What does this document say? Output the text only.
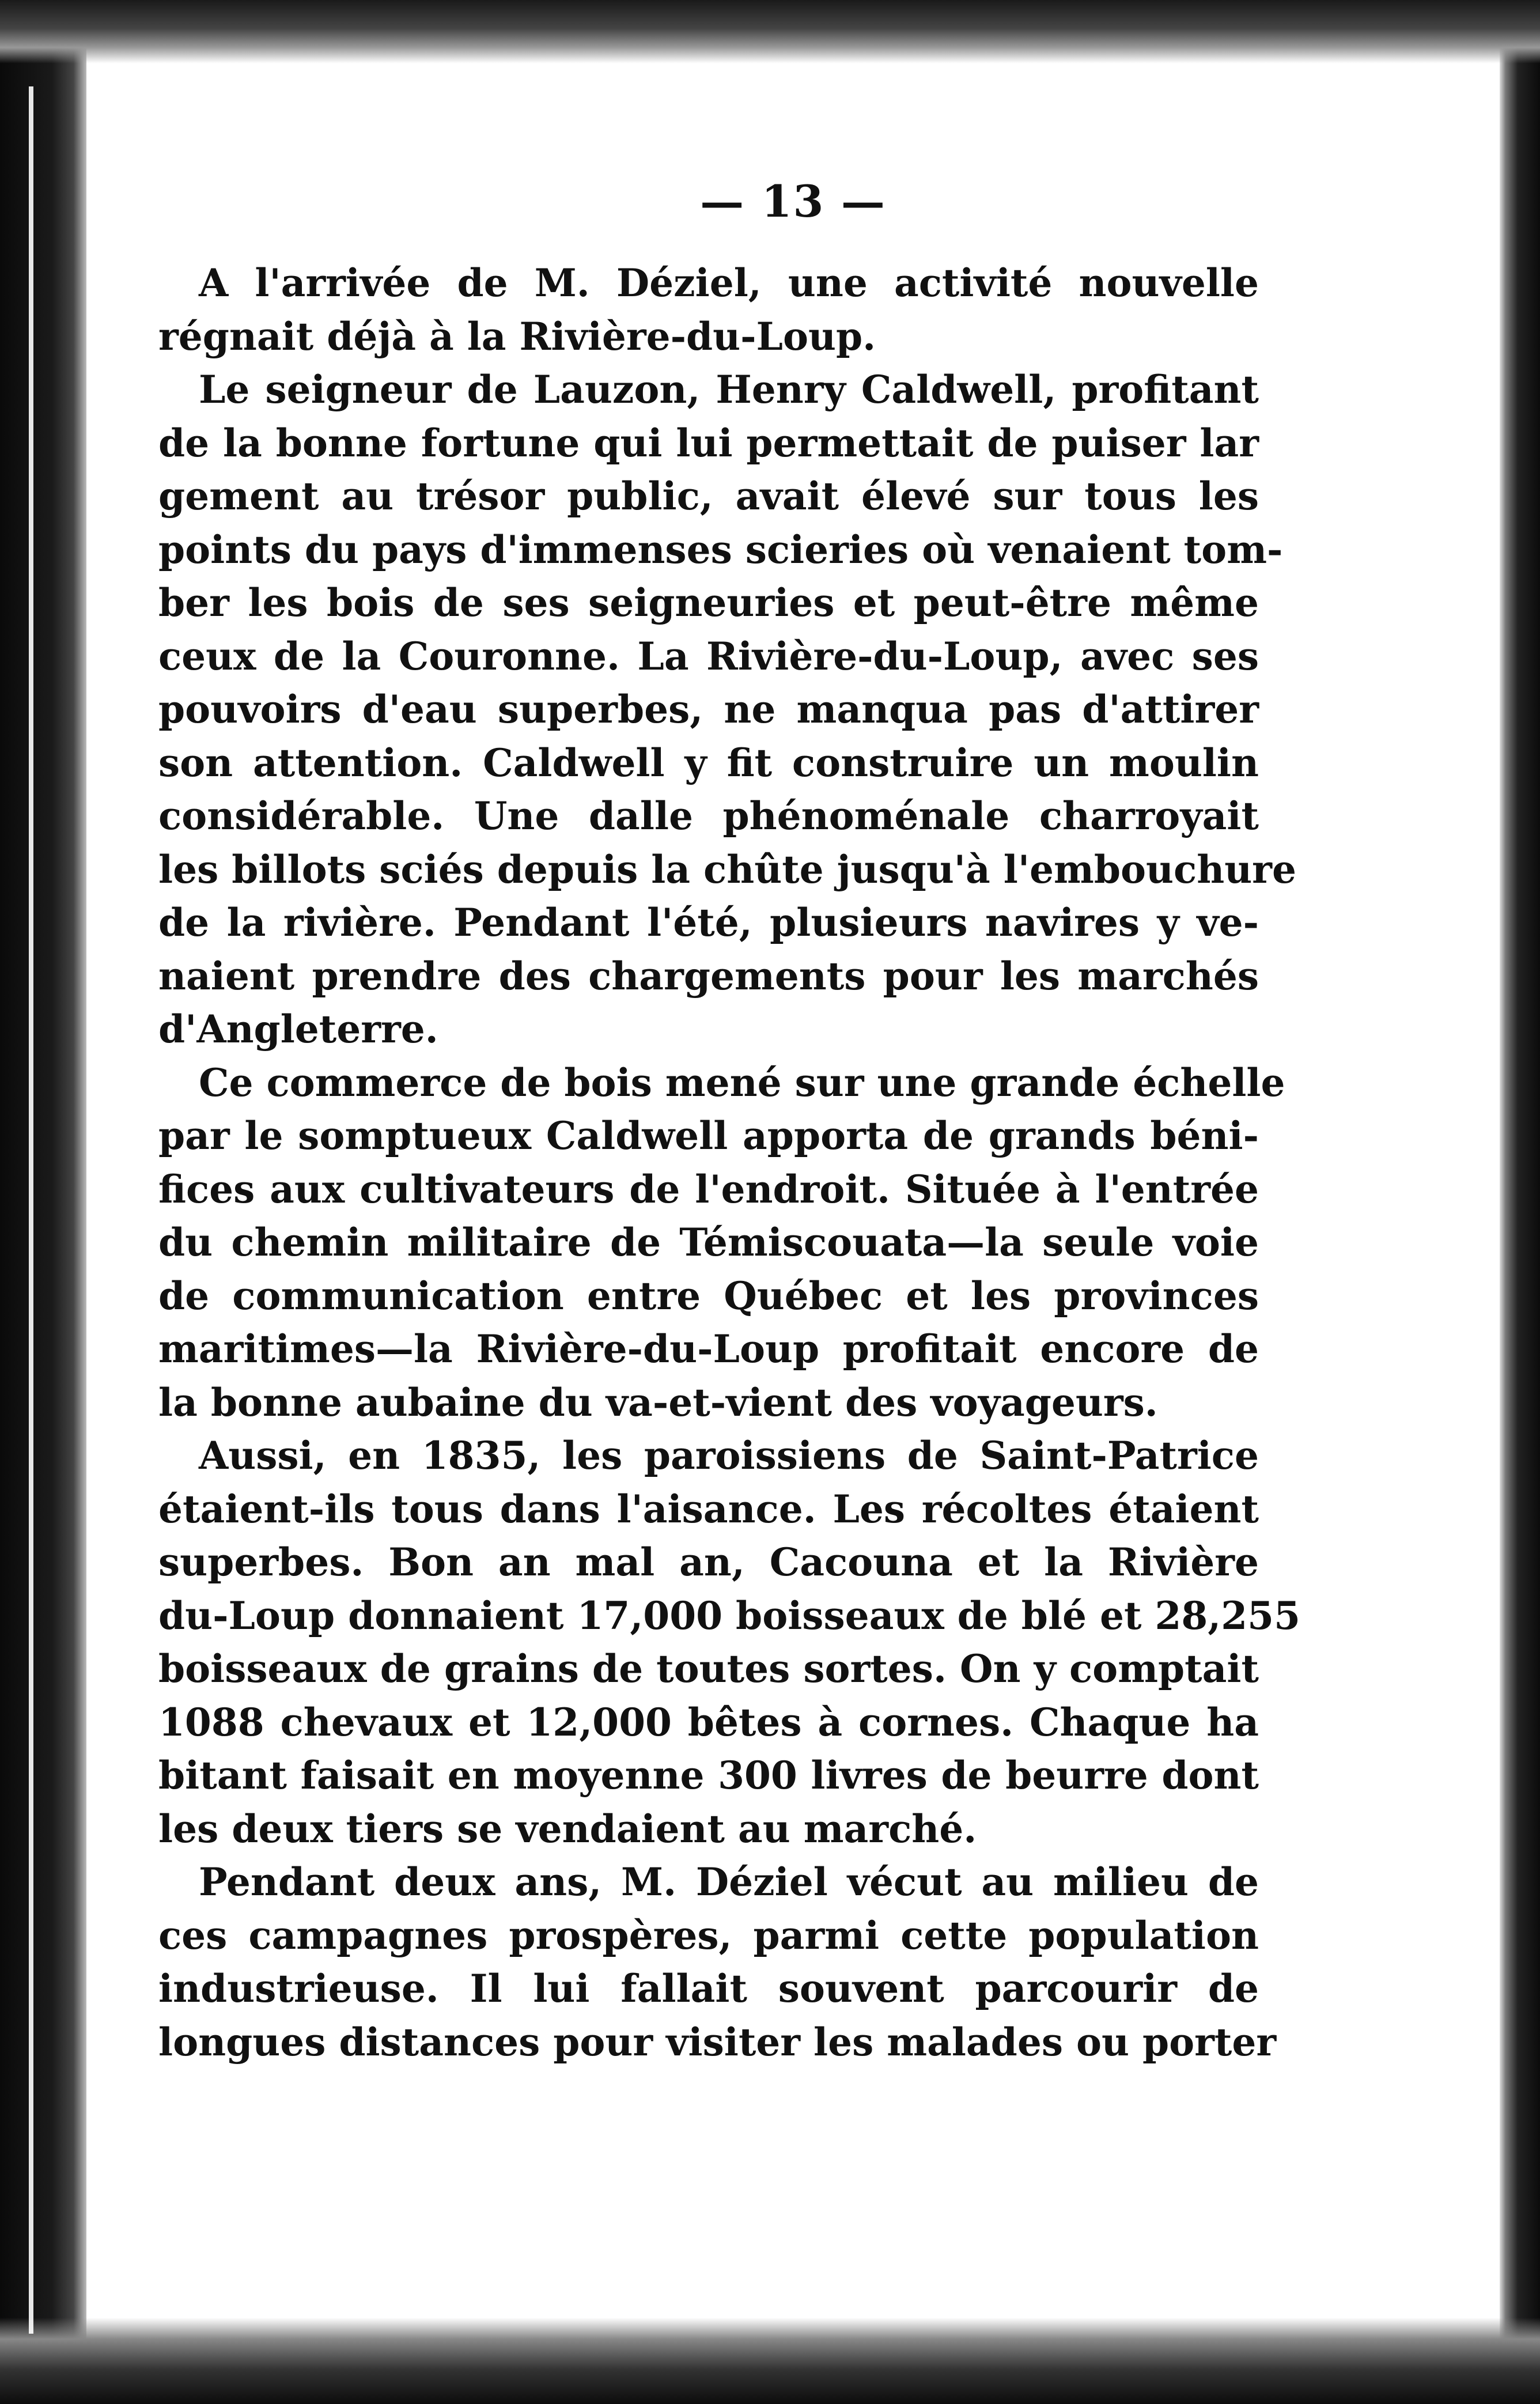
— 13 —

A l'arrivée de M. Déziel, une activité nouvelle
régnait déjà à la Rivière-du-Loup.

Le seigneur de Lauzon, Henry Caldwell, profitant
de la bonne fortune qui lui permettait de puiser lar
gement au trésor public, avait élevé sur tous les
points du pays d'immenses scieries où venaient tom-
ber les bois de ses seigneuries et peut-être même
ceux de la Couronne. La Rivière-du-Loup, avec ses
pouvoirs d'eau superbes, ne manqua pas d'attirer
son attention. Caldwell y fit construire un moulin
considérable. Une dalle phénoménale charroyait
les billots sciés depuis la chûte jusqu'à l'embouchure
de la rivière. Pendant l'été, plusieurs navires y ve-
naient prendre des chargements pour les marchés
d'Angleterre.

Ce commerce de bois mené sur une grande échelle
par le somptueux Caldwell apporta de grands béni-
fices aux cultivateurs de l'endroit. Située à l'entrée
du chemin militaire de Témiscouata—la seule voie
de communication entre Québec et les provinces
maritimes—la Rivière-du-Loup profitait encore de
la bonne aubaine du va-et-vient des voyageurs.

Aussi, en 1835, les paroissiens de Saint-Patrice
étaient-ils tous dans l'aisance. Les récoltes étaient
superbes. Bon an mal an, Cacouna et la Rivière
du-Loup donnaient 17,000 boisseaux de blé et 28,255
boisseaux de grains de toutes sortes. On y comptait
1088 chevaux et 12,000 bêtes à cornes. Chaque ha
bitant faisait en moyenne 300 livres de beurre dont
les deux tiers se vendaient au marché.

Pendant deux ans, M. Déziel vécut au milieu de
ces campagnes prospères, parmi cette population
industrieuse. Il lui fallait souvent parcourir de
longues distances pour visiter les malades ou porter
